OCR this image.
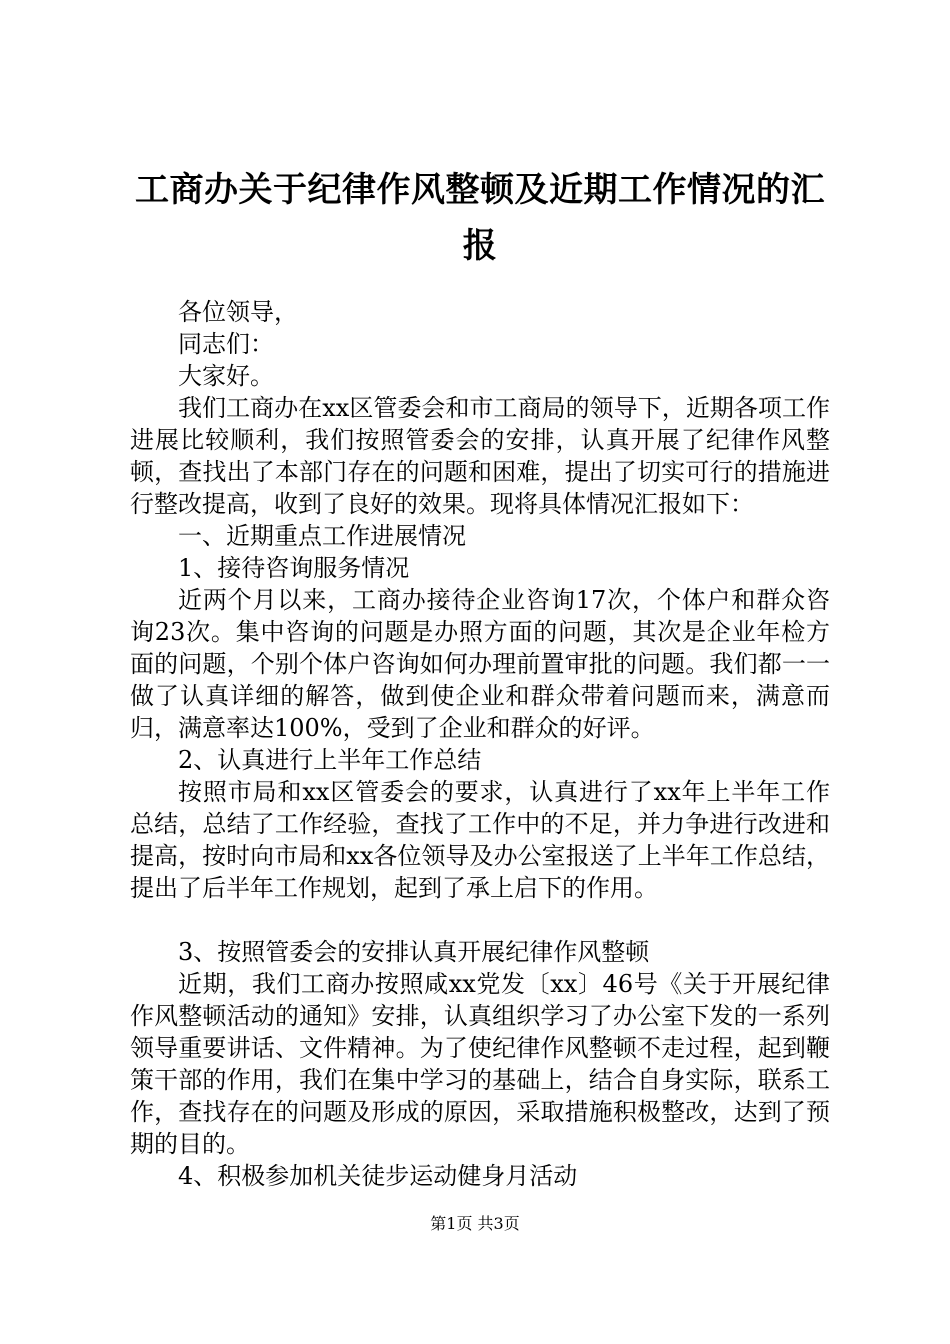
工商办关于纪律作风整顿及近期工作情况的汇报

各位领导，

同志们：

大家好。

我们工商办在xx区管委会和市工商局的领导下，近期各项工作进展比较顺利，我们按照管委会的安排，认真开展了纪律作风整顿，查找出了本部门存在的问题和困难，提出了切实可行的措施进行整改提高，收到了良好的效果。现将具体情况汇报如下：

一、近期重点工作进展情况

1、接待咨询服务情况

近两个月以来，工商办接待企业咨询17次，个体户和群众咨询23次。集中咨询的问题是办照方面的问题，其次是企业年检方面的问题，个别个体户咨询如何办理前置审批的问题。我们都一一做了认真详细的解答，做到使企业和群众带着问题而来，满意而归，满意率达100%，受到了企业和群众的好评。

2、认真进行上半年工作总结

按照市局和xx区管委会的要求，认真进行了xx年上半年工作总结，总结了工作经验，查找了工作中的不足，并力争进行改进和提高，按时向市局和xx各位领导及办公室报送了上半年工作总结，提出了后半年工作规划，起到了承上启下的作用。

3、按照管委会的安排认真开展纪律作风整顿

近期，我们工商办按照咸xx党发〔xx〕46号《关于开展纪律作风整顿活动的通知》安排，认真组织学习了办公室下发的一系列领导重要讲话、文件精神。为了使纪律作风整顿不走过程，起到鞭策干部的作用，我们在集中学习的基础上，结合自身实际，联系工作，查找存在的问题及形成的原因，采取措施积极整改，达到了预期的目的。

4、积极参加机关徒步运动健身月活动

第1页 共3页
